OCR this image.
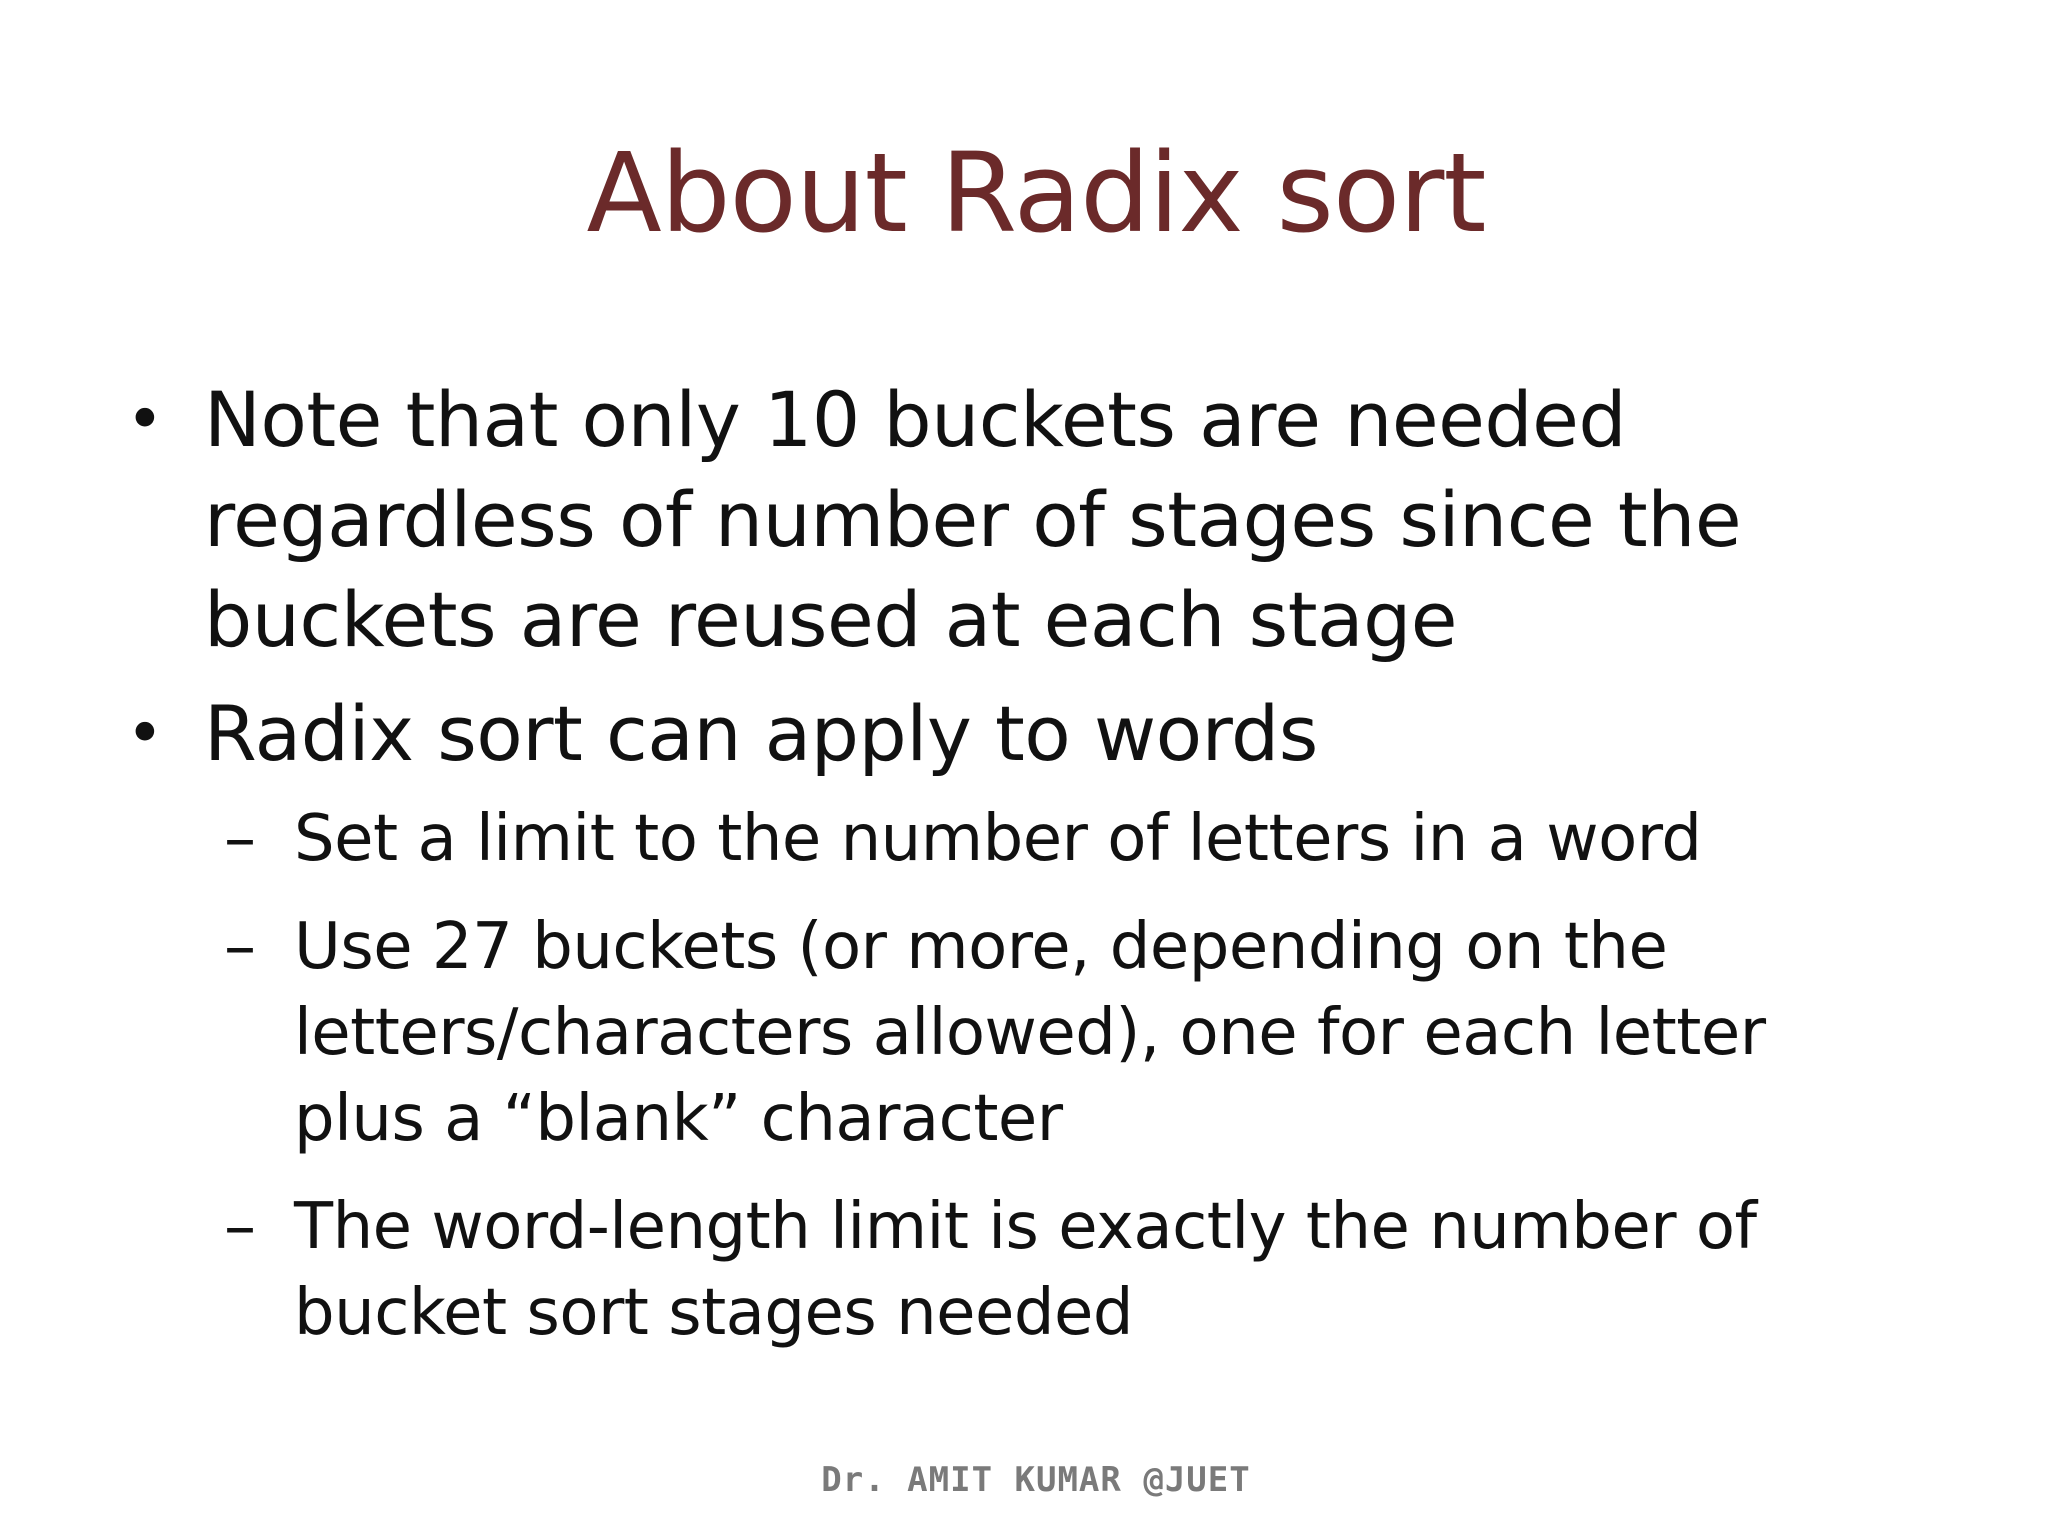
About Radix sort
• Note that only 10 buckets are needed
regardless of number of stages since the
buckets are reused at each stage
• Radix sort can apply to words
– Set a limit to the number of letters in a word
– Use 27 buckets (or more, depending on the
letters/characters allowed), one for each letter
plus a “blank” character
– The word-length limit is exactly the number of
bucket sort stages needed
Dr. AMIT KUMAR @JUET
